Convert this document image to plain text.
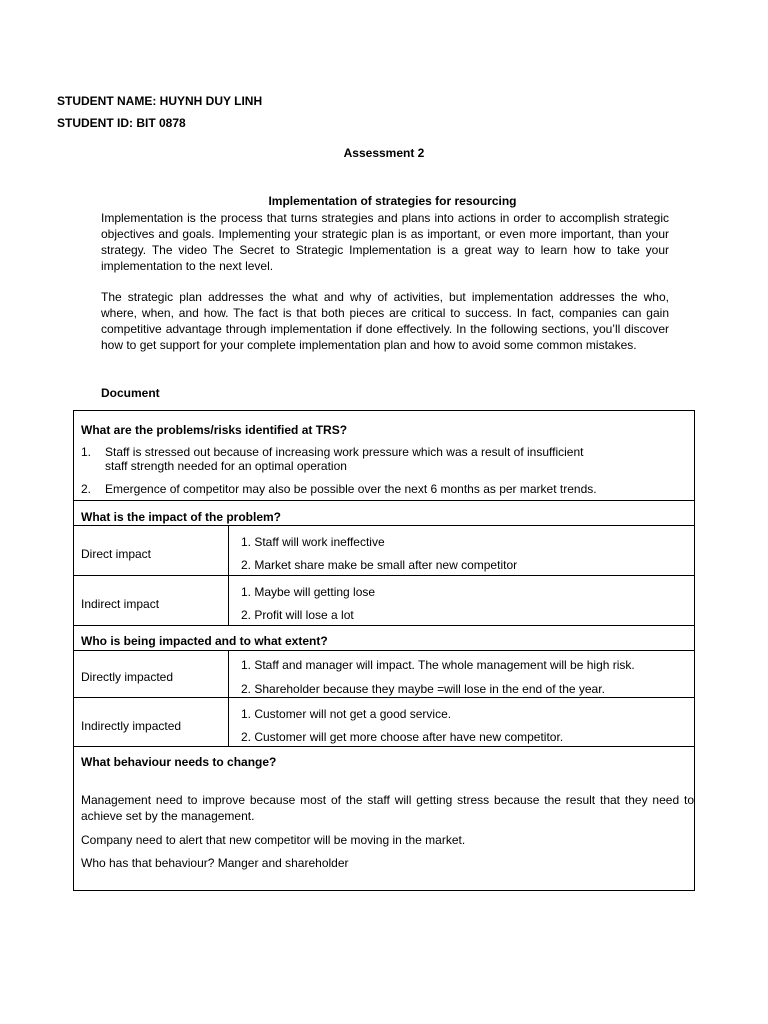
STUDENT NAME: HUYNH DUY LINH
STUDENT ID: BIT 0878
Assessment 2
Implementation of strategies for resourcing
Implementation is the process that turns strategies and plans into actions in order to accomplish strategic objectives and goals. Implementing your strategic plan is as important, or even more important, than your strategy. The video The Secret to Strategic Implementation is a great way to learn how to take your implementation to the next level.
The strategic plan addresses the what and why of activities, but implementation addresses the who, where, when, and how. The fact is that both pieces are critical to success. In fact, companies can gain competitive advantage through implementation if done effectively. In the following sections, you’ll discover how to get support for your complete implementation plan and how to avoid some common mistakes.
Document
What are the problems/risks identified at TRS?
1. Staff is stressed out because of increasing work pressure which was a result of insufficient
staff strength needed for an optimal operation
2. Emergence of competitor may also be possible over the next 6 months as per market trends.
What is the impact of the problem?
Direct impact
1. Staff will work ineffective
2. Market share make be small after new competitor
Indirect impact
1. Maybe will getting lose
2. Profit will lose a lot
Who is being impacted and to what extent?
Directly impacted
1. Staff and manager will impact. The whole management will be high risk.
2. Shareholder because they maybe =will lose in the end of the year.
Indirectly impacted
1. Customer will not get a good service.
2. Customer will get more choose after have new competitor.
What behaviour needs to change?
Management need to improve because most of the staff will getting stress because the result that they need to achieve set by the management.
Company need to alert that new competitor will be moving in the market.
Who has that behaviour? Manger and shareholder
